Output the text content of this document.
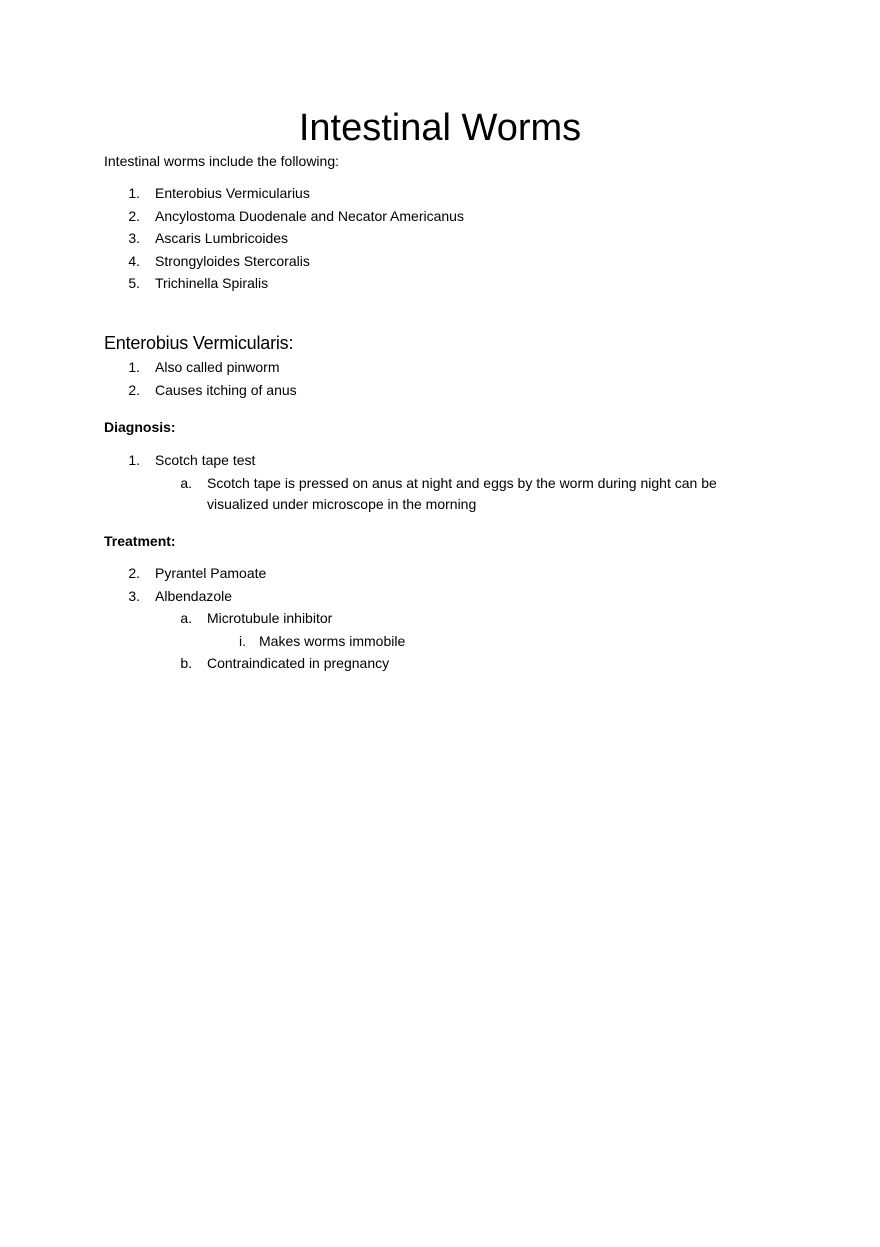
Intestinal Worms

Intestinal worms include the following:

1. Enterobius Vermicularius
2. Ancylostoma Duodenale and Necator Americanus
3. Ascaris Lumbricoides
4. Strongyloides Stercoralis
5. Trichinella Spiralis
Enterobius Vermicularis:
1. Also called pinworm
2. Causes itching of anus

Diagnosis:

1. Scotch tape test
a. Scotch tape is pressed on anus at night and eggs by the worm during night can be
visualized under microscope in the morning

Treatment:

2. Pyrantel Pamoate
3. Albendazole
a. Microtubule inhibitor
i. Makes worms immobile
b. Contraindicated in pregnancy
